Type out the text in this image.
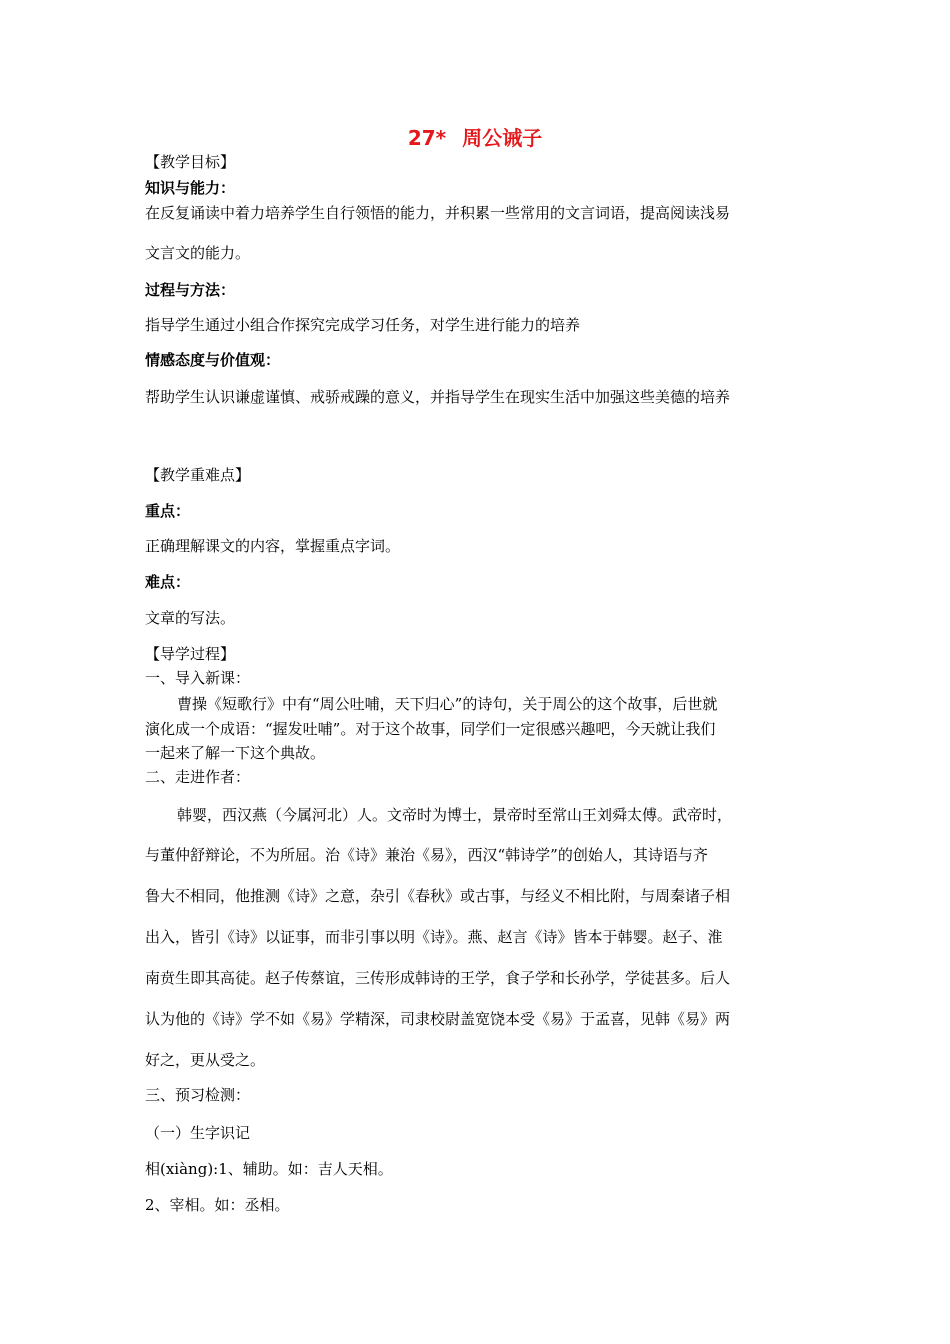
27* 周公诫子
【教学目标】
知识与能力：
在反复诵读中着力培养学生自行领悟的能力，并积累一些常用的文言词语，提高阅读浅易
文言文的能力。
过程与方法：
指导学生通过小组合作探究完成学习任务，对学生进行能力的培养
情感态度与价值观：
帮助学生认识谦虚谨慎、戒骄戒躁的意义，并指导学生在现实生活中加强这些美德的培养
【教学重难点】
重点：
正确理解课文的内容，掌握重点字词。
难点：
文章的写法。
【导学过程】
一、导入新课：
曹操《短歌行》中有“周公吐哺，天下归心”的诗句，关于周公的这个故事，后世就
演化成一个成语：“握发吐哺”。对于这个故事，同学们一定很感兴趣吧，今天就让我们
一起来了解一下这个典故。
二、走进作者：
韩婴，西汉燕（今属河北）人。文帝时为博士，景帝时至常山王刘舜太傅。武帝时，
与董仲舒辩论，不为所屈。治《诗》兼治《易》，西汉“韩诗学”的创始人，其诗语与齐
鲁大不相同，他推测《诗》之意，杂引《春秋》或古事，与经义不相比附，与周秦诸子相
出入，皆引《诗》以证事，而非引事以明《诗》。燕、赵言《诗》皆本于韩婴。赵子、淮
南贲生即其高徒。赵子传蔡谊，三传形成韩诗的王学，食子学和长孙学，学徒甚多。后人
认为他的《诗》学不如《易》学精深，司隶校尉盖宽饶本受《易》于孟喜，见韩《易》两
好之，更从受之。
三、预习检测：
（一）生字识记
相(xiàng):1、辅助。如：吉人天相。
2、宰相。如：丞相。
